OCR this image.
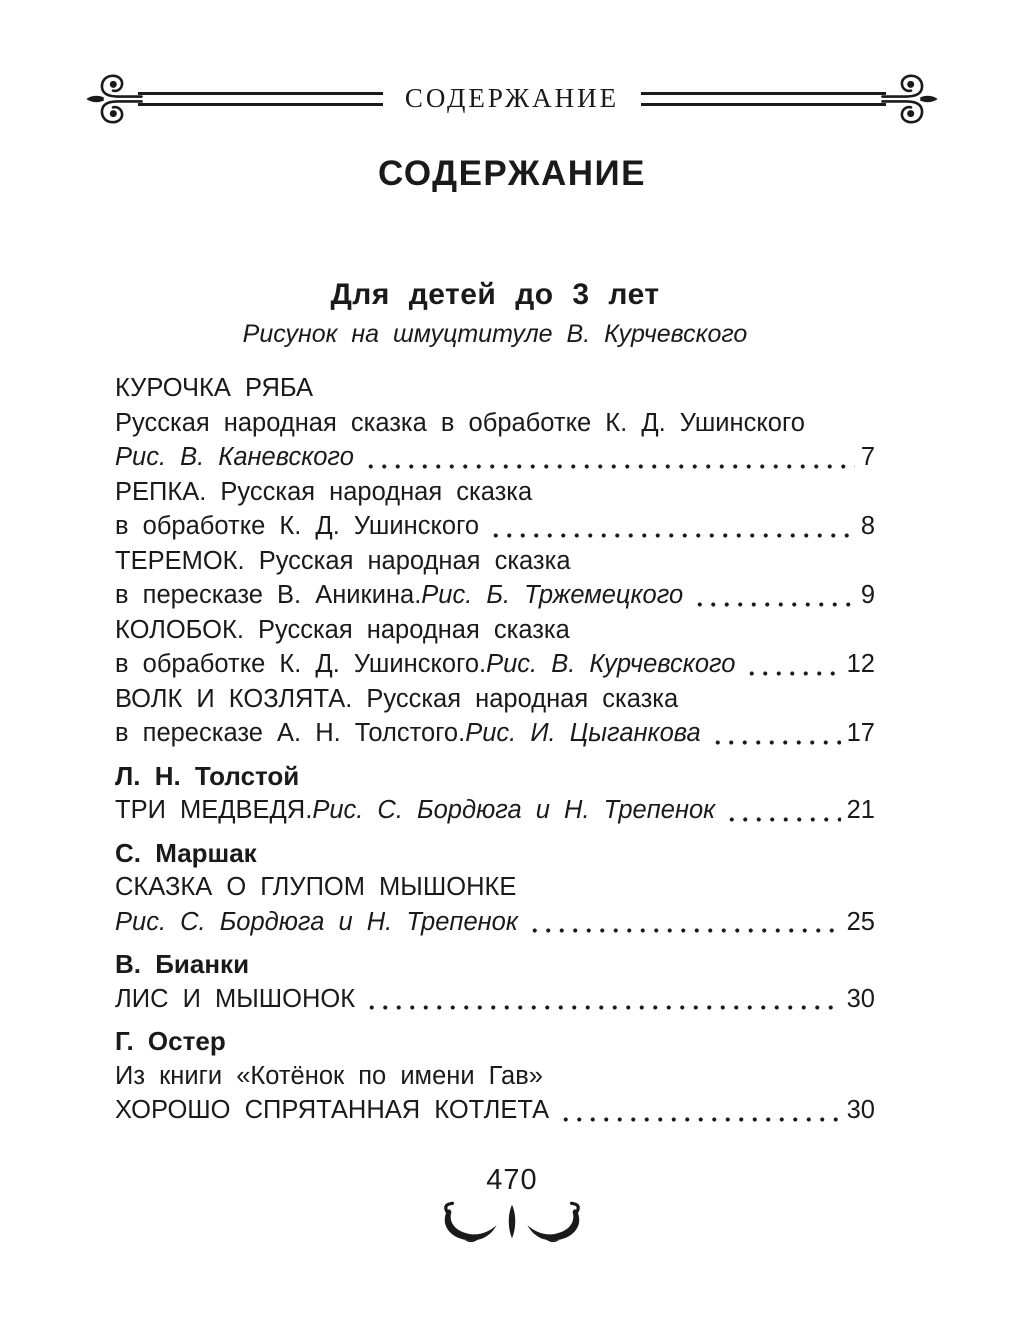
СОДЕРЖАНИЕ
СОДЕРЖАНИЕ
Для детей до 3 лет
Рисунок на шмуцтитуле В. Курчевского
КУРОЧКА РЯБА
Русская народная сказка в обработке К. Д. Ушинского
Рис. В. Каневского	7
РЕПКА. Русская народная сказка
в обработке К. Д. Ушинского	8
ТЕРЕМОК. Русская народная сказка
в пересказе В. Аникина. Рис. Б. Тржемецкого	9
КОЛОБОК. Русская народная сказка
в обработке К. Д. Ушинского. Рис. В. Курчевского	12
ВОЛК И КОЗЛЯТА. Русская народная сказка
в пересказе А. Н. Толстого. Рис. И. Цыганкова	17
Л. Н. Толстой
ТРИ МЕДВЕДЯ. Рис. С. Бордюга и Н. Трепенок	21
С. Маршак
СКАЗКА О ГЛУПОМ МЫШОНКЕ
Рис. С. Бордюга и Н. Трепенок	25
В. Бианки
ЛИС И МЫШОНОК	30
Г. Остер
Из книги «Котёнок по имени Гав»
ХОРОШО СПРЯТАННАЯ КОТЛЕТА	30
470
